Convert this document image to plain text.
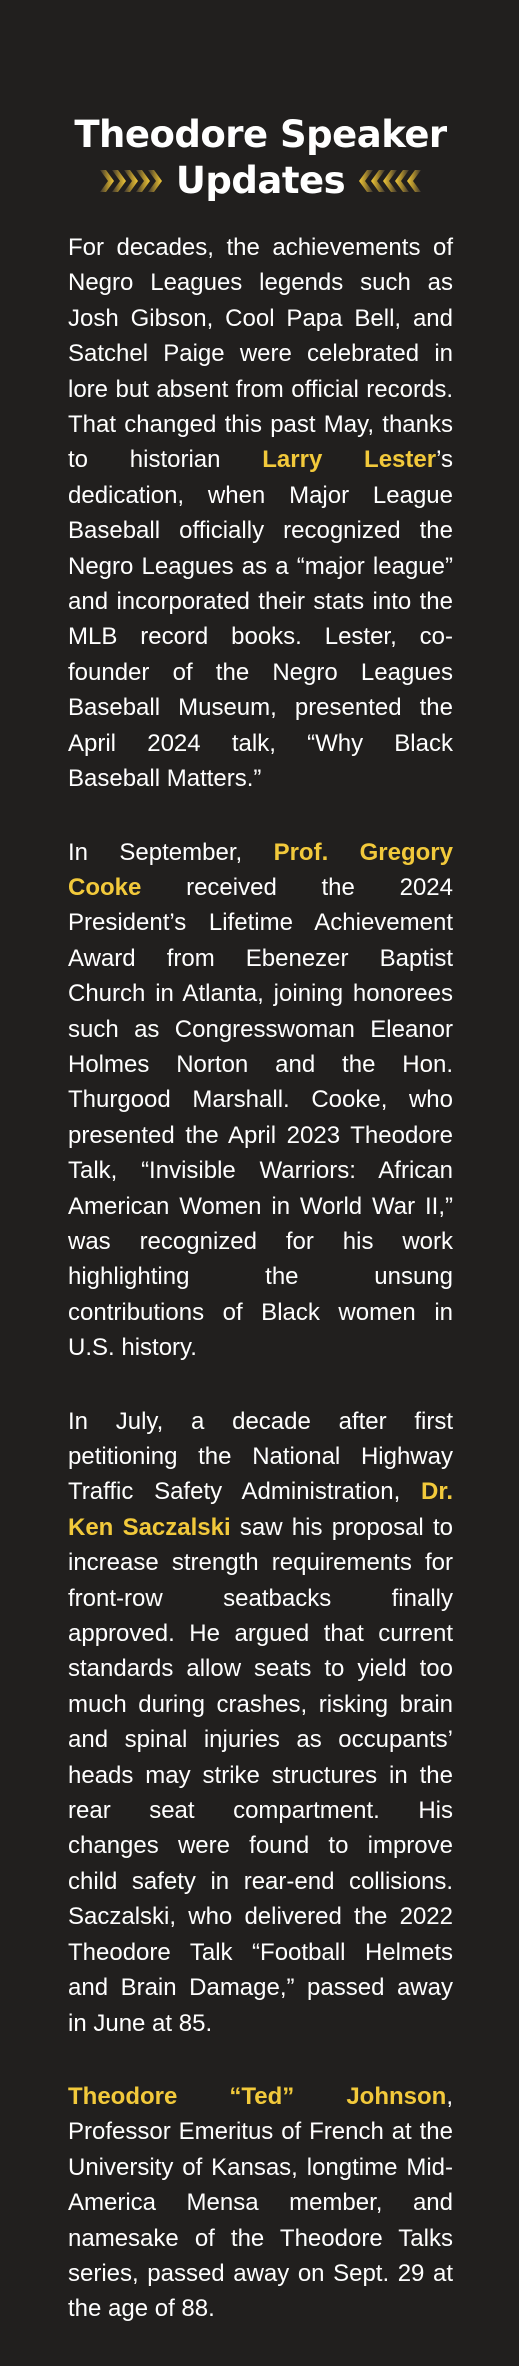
Theodore Speaker
Updates

For decades, the achievements of Negro Leagues legends such as Josh Gibson, Cool Papa Bell, and Satchel Paige were celebrated in lore but absent from official records. That changed this past May, thanks to historian Larry Lester’s dedication, when Major League Baseball officially recognized the Negro Leagues as a “major league” and incorporated their stats into the MLB record books. Lester, co-founder of the Negro Leagues Baseball Museum, presented the April 2024 talk, “Why Black Baseball Matters.”

In September, Prof. Gregory Cooke received the 2024 President’s Lifetime Achievement Award from Ebenezer Baptist Church in Atlanta, joining honorees such as Congresswoman Eleanor Holmes Norton and the Hon. Thurgood Marshall. Cooke, who presented the April 2023 Theodore Talk, “Invisible Warriors: African American Women in World War II,” was recognized for his work highlighting the unsung contributions of Black women in U.S. history.

In July, a decade after first petitioning the National Highway Traffic Safety Administration, Dr. Ken Saczalski saw his proposal to increase strength requirements for front-row seatbacks finally approved. He argued that current standards allow seats to yield too much during crashes, risking brain and spinal injuries as occupants’ heads may strike structures in the rear seat compartment. His changes were found to improve child safety in rear-end collisions. Saczalski, who delivered the 2022 Theodore Talk “Football Helmets and Brain Damage,” passed away in June at 85.

Theodore “Ted” Johnson, Professor Emeritus of French at the University of Kansas, longtime Mid-America Mensa member, and namesake of the Theodore Talks series, passed away on Sept. 29 at the age of 88.
